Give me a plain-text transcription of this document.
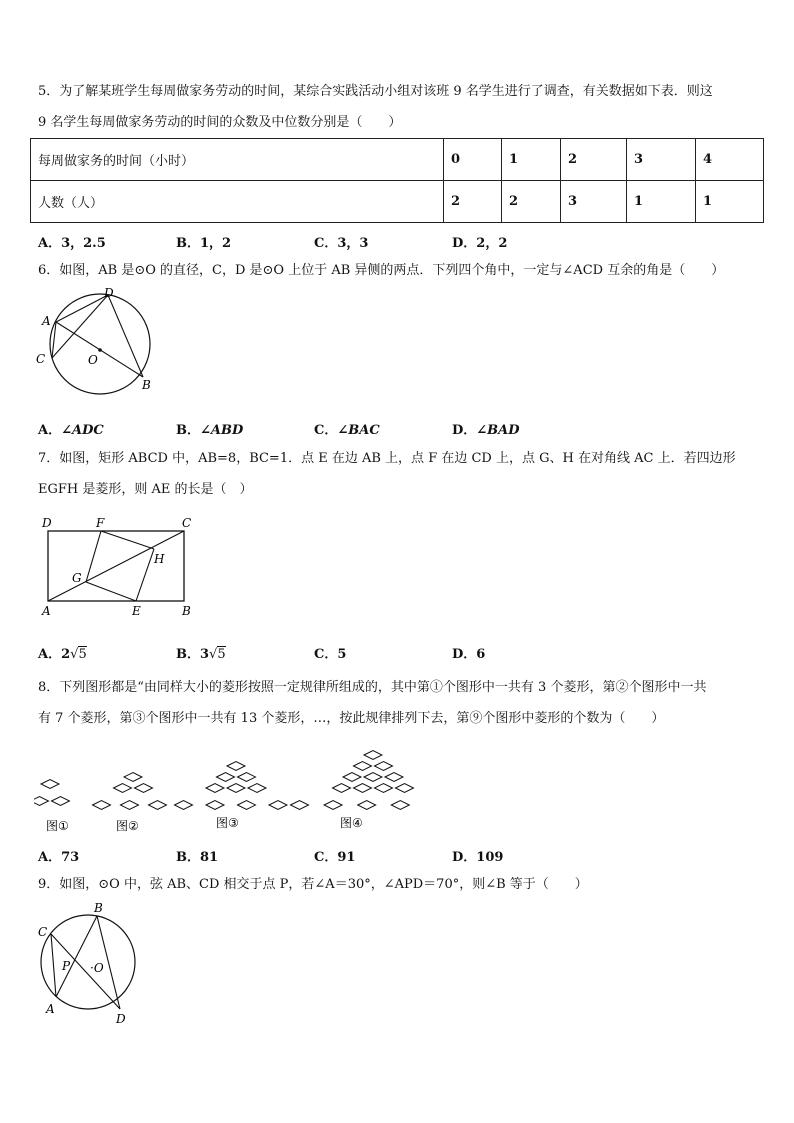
5．为了解某班学生每周做家务劳动的时间，某综合实践活动小组对该班 9 名学生进行了调查，有关数据如下表．则这
9 名学生每周做家务劳动的时间的众数及中位数分别是（　　）
每周做家务的时间（小时）	0	1	2	3	4
人数（人）	2	2	3	1	1
A．3，2.5	B．1，2	C．3，3	D．2，2
6．如图，AB 是⊙O 的直径，C，D 是⊙O 上位于 AB 异侧的两点．下列四个角中，一定与∠ACD 互余的角是（　　）
A
B
C
D
O
A．∠ADC	B．∠ABD	C．∠BAC	D．∠BAD
7．如图，矩形 ABCD 中，AB=8，BC=1．点 E 在边 AB 上，点 F 在边 CD 上，点 G、H 在对角线 AC 上．若四边形
EGFH 是菱形，则 AE 的长是（　）
D	F	C
H
G
A	E	B
A．2√5	B．3√5	C．5	D．6
8．下列图形都是“由同样大小的菱形按照一定规律所组成的，其中第①个图形中一共有 3 个菱形，第②个图形中一共
有 7 个菱形，第③个图形中一共有 13 个菱形，…，按此规律排列下去，第⑨个图形中菱形的个数为（　　）
图①	图②	图③	图④
A．73	B．81	C．91	D．109
9．如图，⊙O 中，弦 AB、CD 相交于点 P，若∠A＝30°，∠APD＝70°，则∠B 等于（　　）
B
C
P ·O
A
D
